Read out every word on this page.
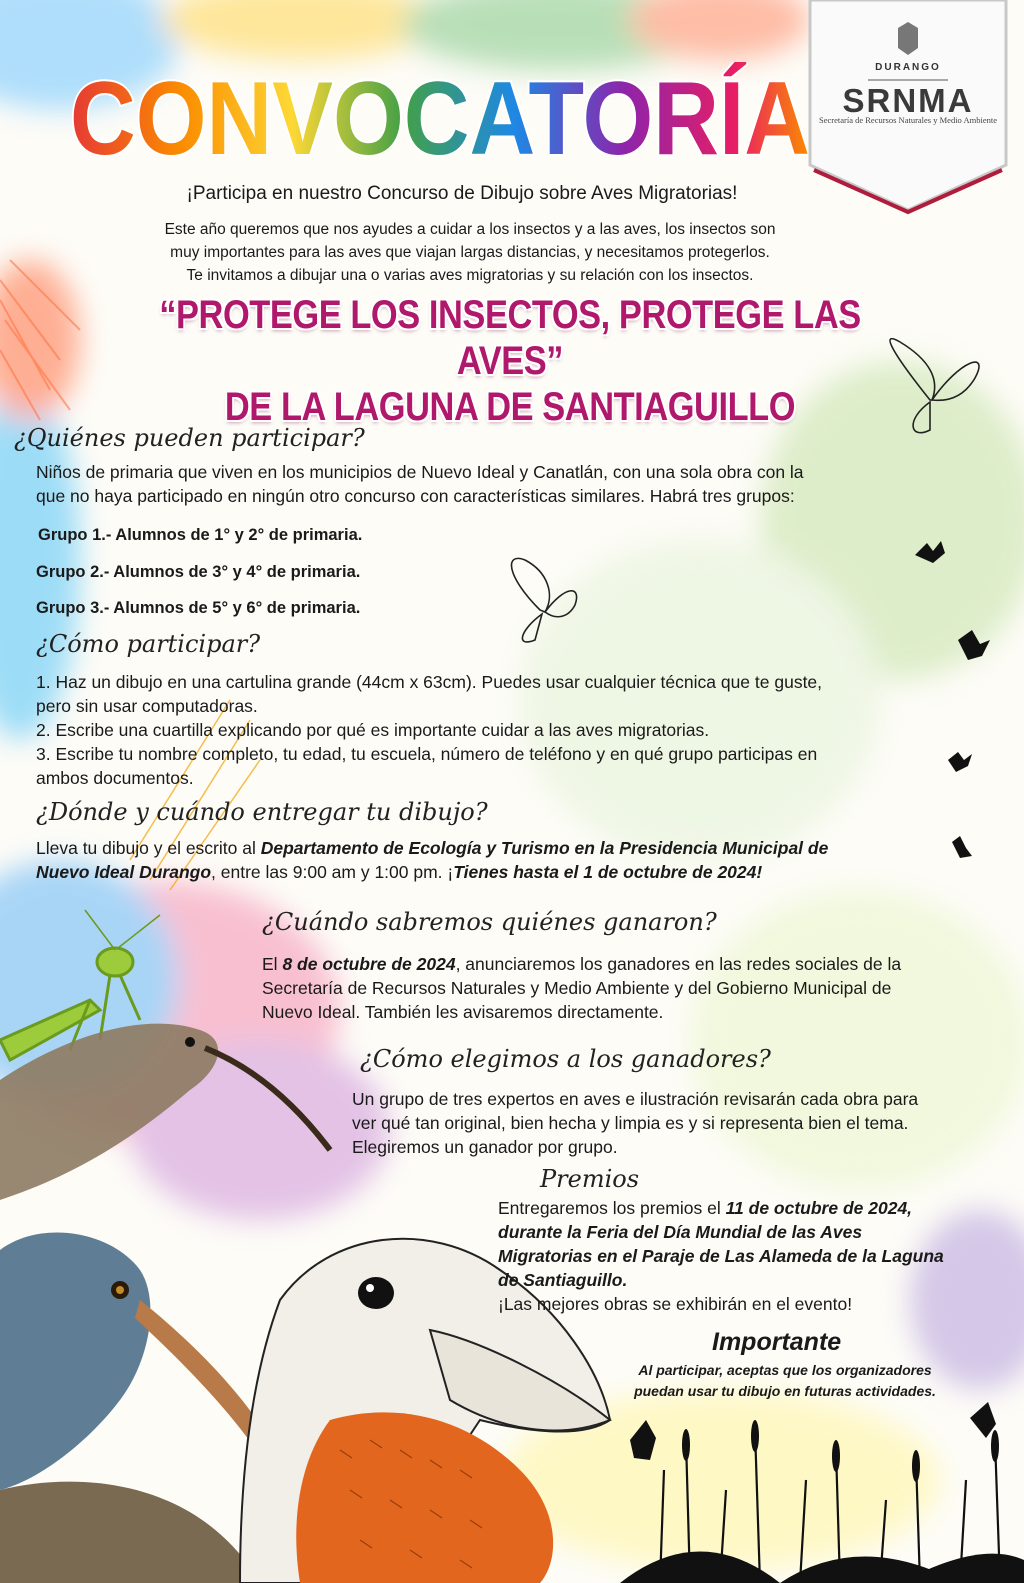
CONVOCATORÍA	DURANGO
SRNMA
Secretaría de Recursos Naturales y Medio Ambiente
¡Participa en nuestro Concurso de Dibujo sobre Aves Migratorias!
Este año queremos que nos ayudes a cuidar a los insectos y a las aves, los insectos son
muy importantes para las aves que viajan largas distancias, y necesitamos protegerlos.
Te invitamos a dibujar una o varias aves migratorias y su relación con los insectos.
“PROTEGE LOS INSECTOS, PROTEGE LAS AVES”
DE LA LAGUNA DE SANTIAGUILLO
¿Quiénes pueden participar?
Niños de primaria que viven en los municipios de Nuevo Ideal y Canatlán, con una sola obra con la
que no haya participado en ningún otro concurso con características similares. Habrá tres grupos:
Grupo 1.- Alumnos de 1° y 2° de primaria.
Grupo 2.- Alumnos de 3° y 4° de primaria.
Grupo 3.- Alumnos de 5° y 6° de primaria.
¿Cómo participar?
1. Haz un dibujo en una cartulina grande (44cm x 63cm). Puedes usar cualquier técnica que te guste,
pero sin usar computadoras.
2. Escribe una cuartilla explicando por qué es importante cuidar a las aves migratorias.
3. Escribe tu nombre completo, tu edad, tu escuela, número de teléfono y en qué grupo participas en
ambos documentos.
¿Dónde y cuándo entregar tu dibujo?
Lleva tu dibujo y el escrito al Departamento de Ecología y Turismo en la Presidencia Municipal de
Nuevo Ideal Durango, entre las 9:00 am y 1:00 pm. ¡Tienes hasta el 1 de octubre de 2024!
¿Cuándo sabremos quiénes ganaron?
El 8 de octubre de 2024, anunciaremos los ganadores en las redes sociales de la
Secretaría de Recursos Naturales y Medio Ambiente y del Gobierno Municipal de
Nuevo Ideal. También les avisaremos directamente.
¿Cómo elegimos a los ganadores?
Un grupo de tres expertos en aves e ilustración revisarán cada obra para
ver qué tan original, bien hecha y limpia es y si representa bien el tema.
Elegiremos un ganador por grupo.
Premios
Entregaremos los premios el 11 de octubre de 2024,
durante la Feria del Día Mundial de las Aves
Migratorias en el Paraje de Las Alameda de la Laguna
de Santiaguillo.
¡Las mejores obras se exhibirán en el evento!
Importante
Al participar, aceptas que los organizadores
puedan usar tu dibujo en futuras actividades.
